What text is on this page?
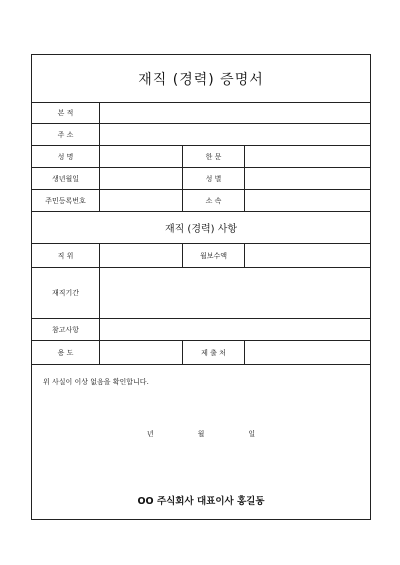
재직 (경력) 증명서
본 적
주 소
성 명	한 문
생년월일	성 별
주민등록번호	소 속
재직 (경력) 사항
직 위	월보수액
재직기간
참고사항
용 도	제 출 처
위 사실이 이상 없음을 확인합니다.
년	월	일
OO 주식회사 대표이사 홍길동
